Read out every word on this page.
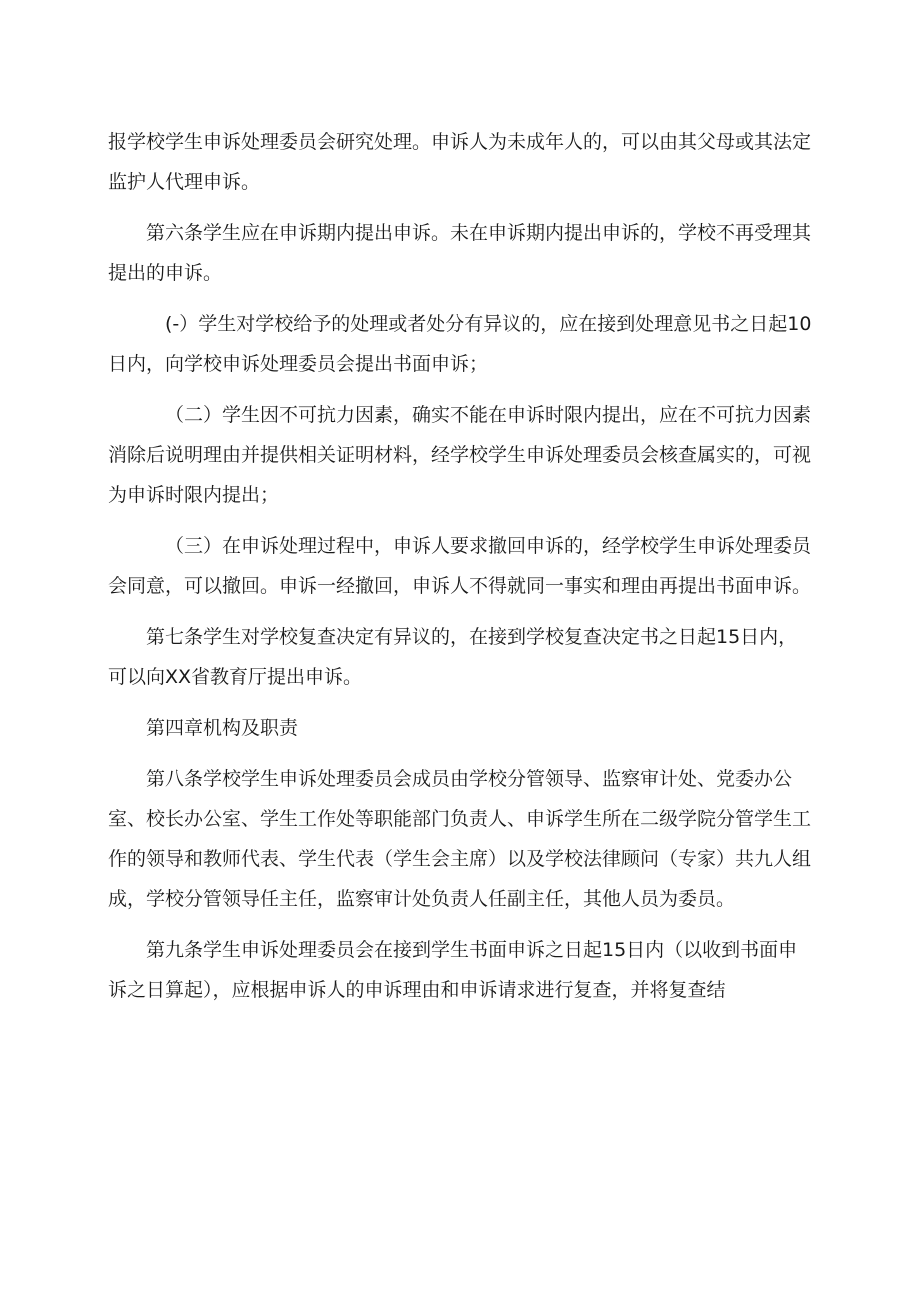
报学校学生申诉处理委员会研究处理。申诉人为未成年人的，可以由其父母或其法定监护人代理申诉。

第六条学生应在申诉期内提出申诉。未在申诉期内提出申诉的，学校不再受理其提出的申诉。

(-）学生对学校给予的处理或者处分有异议的，应在接到处理意见书之日起10日内，向学校申诉处理委员会提出书面申诉；

（二）学生因不可抗力因素，确实不能在申诉时限内提出，应在不可抗力因素消除后说明理由并提供相关证明材料，经学校学生申诉处理委员会核查属实的，可视为申诉时限内提出；

（三）在申诉处理过程中，申诉人要求撤回申诉的，经学校学生申诉处理委员会同意，可以撤回。申诉一经撤回，申诉人不得就同一事实和理由再提出书面申诉。

第七条学生对学校复查决定有异议的，在接到学校复查决定书之日起15日内，可以向XX省教育厅提出申诉。

第四章机构及职责

第八条学校学生申诉处理委员会成员由学校分管领导、监察审计处、党委办公室、校长办公室、学生工作处等职能部门负责人、申诉学生所在二级学院分管学生工作的领导和教师代表、学生代表（学生会主席）以及学校法律顾问（专家）共九人组成，学校分管领导任主任，监察审计处负责人任副主任，其他人员为委员。

第九条学生申诉处理委员会在接到学生书面申诉之日起15日内（以收到书面申诉之日算起），应根据申诉人的申诉理由和申诉请求进行复查，并将复查结
